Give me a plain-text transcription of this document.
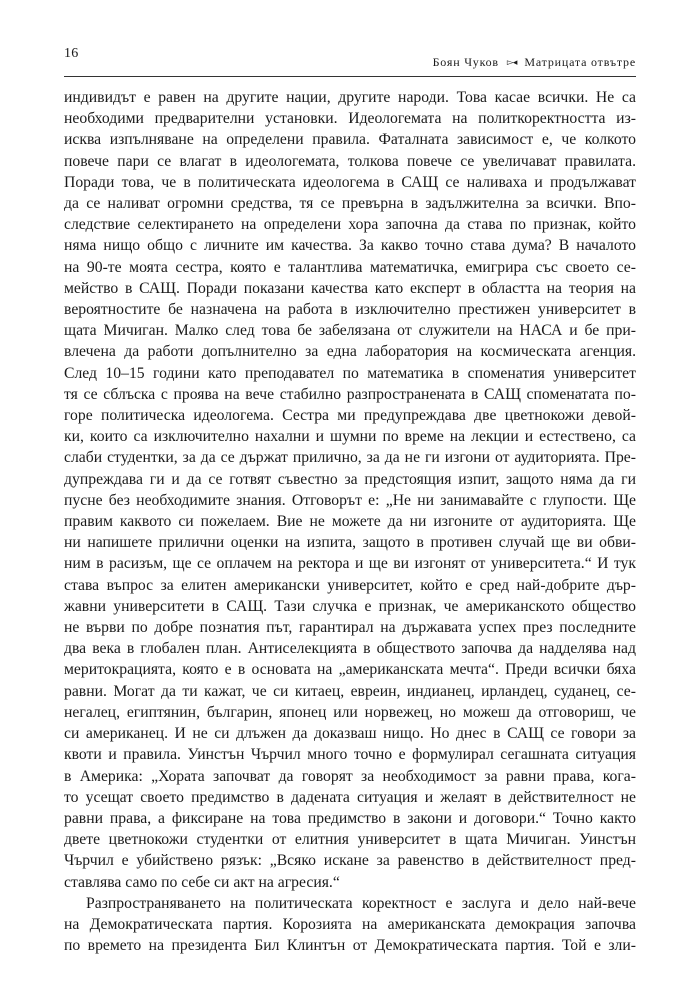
16
Боян Чуков ▻◂ Матрицата отвътре
индивидът е равен на другите нации, другите народи. Това касае всички. Не са
необходими предварителни установки. Идеологемата на политкоректността из-
исква изпълняване на определени правила. Фаталната зависимост е, че колкото
повече пари се влагат в идеологемата, толкова повече се увеличават правилата.
Поради това, че в политическата идеологема в САЩ се наливаха и продължават
да се наливат огромни средства, тя се превърна в задължителна за всички. Впо-
следствие селектирането на определени хора започна да става по признак, който
няма нищо общо с личните им качества. За какво точно става дума? В началото
на 90-те моята сестра, която е талантлива математичка, емигрира със своето се-
мейство в САЩ. Поради показани качества като експерт в областта на теория на
вероятностите бе назначена на работа в изключително престижен университет в
щата Мичиган. Малко след това бе забелязана от служители на НАСА и бе при-
влечена да работи допълнително за една лаборатория на космическата агенция.
След 10–15 години като преподавател по математика в споменатия университет
тя се сблъска с проява на вече стабилно разпространената в САЩ споменатата по-
горе политическа идеологема. Сестра ми предупреждава две цветнокожи девой-
ки, които са изключително нахални и шумни по време на лекции и естествено, са
слаби студентки, за да се държат прилично, за да не ги изгони от аудиторията. Пре-
дупреждава ги и да се готвят съвестно за предстоящия изпит, защото няма да ги
пусне без необходимите знания. Отговорът е: „Не ни занимавайте с глупости. Ще
правим каквото си пожелаем. Вие не можете да ни изгоните от аудиторията. Ще
ни напишете прилични оценки на изпита, защото в противен случай ще ви обви-
ним в расизъм, ще се оплачем на ректора и ще ви изгонят от университета.“ И тук
става въпрос за елитен американски университет, който е сред най-добрите дър-
жавни университети в САЩ. Тази случка е признак, че американското общество
не върви по добре познатия път, гарантирал на държавата успех през последните
два века в глобален план. Антиселекцията в обществото започва да надделява над
меритокрацията, която е в основата на „американската мечта“. Преди всички бяха
равни. Могат да ти кажат, че си китаец, евреин, индианец, ирландец, суданец, се-
негалец, египтянин, българин, японец или норвежец, но можеш да отговориш, че
си американец. И не си длъжен да доказваш нищо. Но днес в САЩ се говори за
квоти и правила. Уинстън Чърчил много точно е формулирал сегашната ситуация
в Америка: „Хората започват да говорят за необходимост за равни права, кога-
то усещат своето предимство в дадената ситуация и желаят в действителност не
равни права, а фиксиране на това предимство в закони и договори.“ Точно както
двете цветнокожи студентки от елитния университет в щата Мичиган. Уинстън
Чърчил е убийствено рязък: „Всяко искане за равенство в действителност пред-
ставлява само по себе си акт на агресия.“
Разпространяването на политическата коректност е заслуга и дело най-вече
на Демократическата партия. Корозията на американската демокрация започва
по времето на президента Бил Клинтън от Демократическата партия. Той е зли-
